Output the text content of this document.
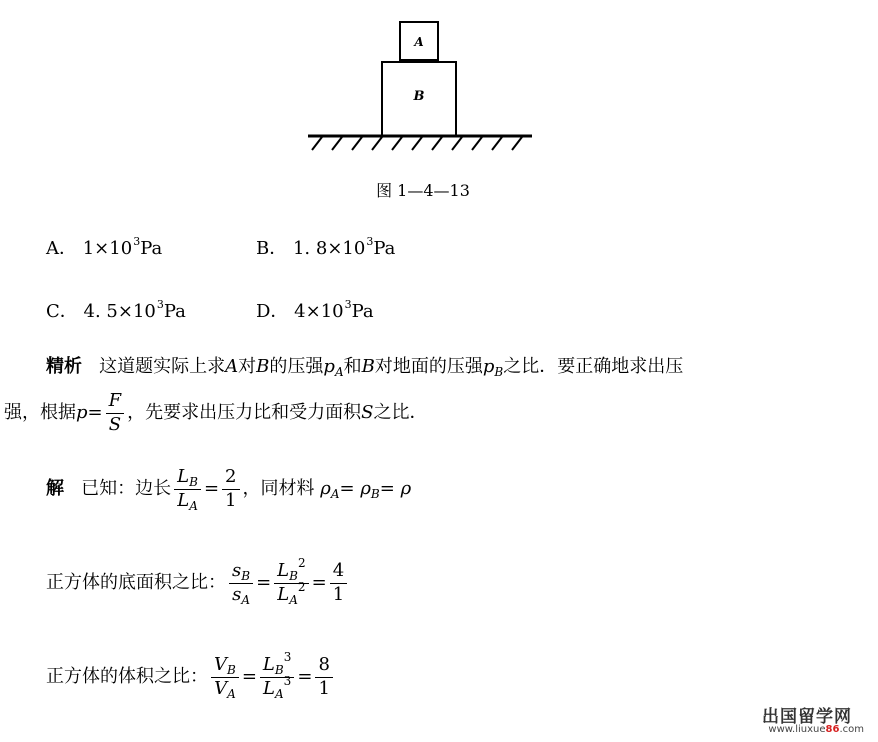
A
B
图 1—4—13
A． $1\times 10^3Pa$	B． 1. $8\times 10^3Pa$
C． 4. $5\times 10^3Pa$	D． $4\times 10^3Pa$
精析 这道题实际上求A对B的压强$p_A$和B对地面的压强$p_B$之比．要正确地求出压
强，根据$p= \frac{F}{S}$ ，先要求出压力比和受力面积S之比．
解 已知：边长 $\frac{L_B}{L_A} = \frac{2}{1}$ ，同材料 $\rho_A= \rho_B= \rho$
正方体的底面积之比： $\frac{s_B}{s_A} = \frac{L_B^2}{L_A^2} = \frac{4}{1}$
正方体的体积之比： $\frac{V_B}{V_A} = \frac{L_B^3}{L_A^3} = \frac{8}{1}$
出国留学网
www.liuxue86.com
